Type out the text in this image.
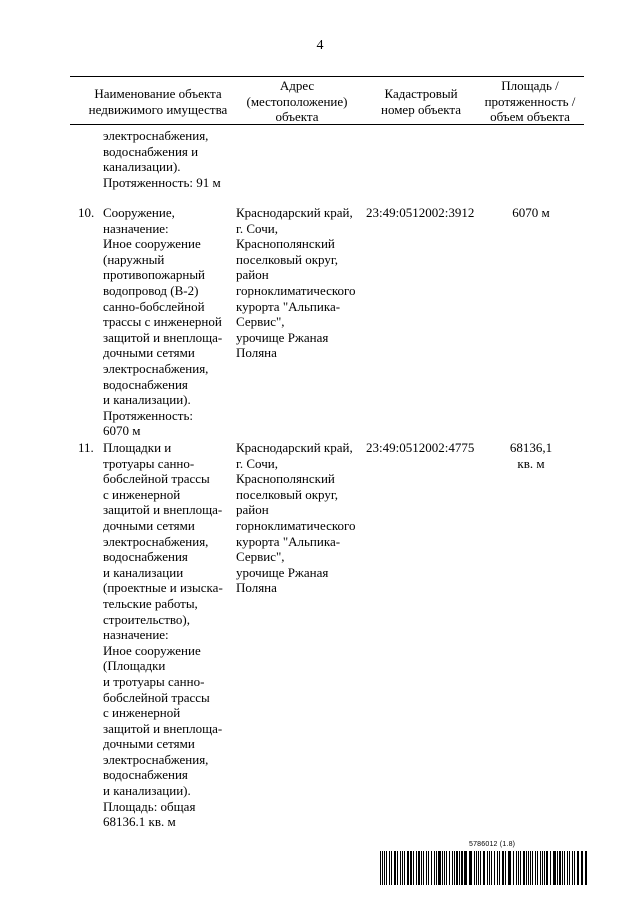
4
Наименование объекта
недвижимого имущества
Адрес
(местоположение)
объекта
Кадастровый
номер объекта
Площадь /
протяженность /
объем объекта
электроснабжения,
водоснабжения и
канализации).
Протяженность: 91 м
10. Сооружение,
назначение:
Иное сооружение
(наружный
противопожарный
водопровод (В-2)
санно-бобслейной
трассы с инженерной
защитой и внеплоща-
дочными сетями
электроснабжения,
водоснабжения
и канализации).
Протяженность:
6070 м
Краснодарский край,
г. Сочи,
Краснополянский
поселковый округ,
район
горноклиматического
курорта "Альпика-
Сервис",
урочище Ржаная
Поляна
23:49:0512002:3912	6070 м
11. Площадки и
тротуары санно-
бобслейной трассы
с инженерной
защитой и внеплоща-
дочными сетями
электроснабжения,
водоснабжения
и канализации
(проектные и изыска-
тельские работы,
строительство),
назначение:
Иное сооружение
(Площадки
и тротуары санно-
бобслейной трассы
с инженерной
защитой и внеплоща-
дочными сетями
электроснабжения,
водоснабжения
и канализации).
Площадь: общая
68136.1 кв. м
Краснодарский край,
г. Сочи,
Краснополянский
поселковый округ,
район
горноклиматического
курорта "Альпика-
Сервис",
урочище Ржаная
Поляна
23:49:0512002:4775	68136,1
кв. м
5786012 (1.8)
